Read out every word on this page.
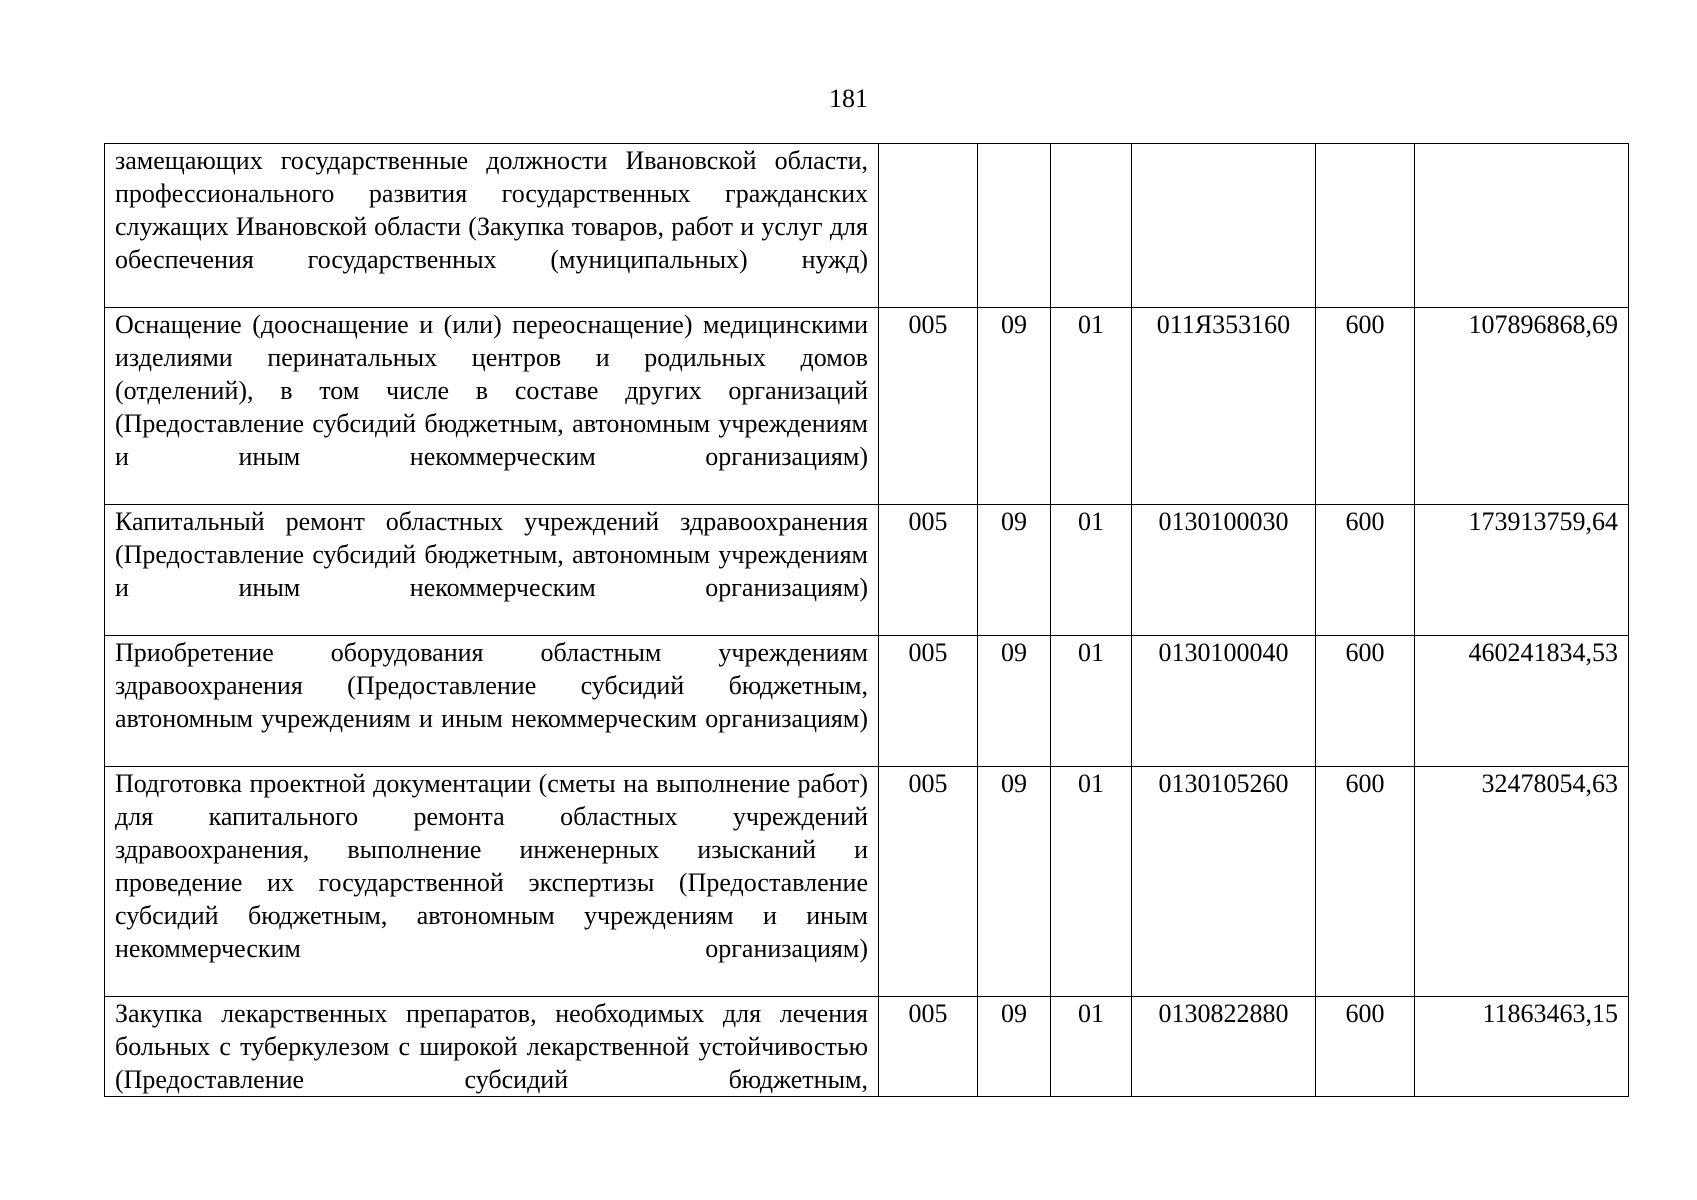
181
замещающих государственные должности Ивановской области, профессионального развития государственных гражданских служащих Ивановской области (Закупка товаров, работ и услуг для обеспечения государственных (муниципальных) нужд)						
Оснащение (дооснащение и (или) переоснащение) медицинскими изделиями перинатальных центров и родильных домов (отделений), в том числе в составе других организаций (Предоставление субсидий бюджетным, автономным учреждениям и иным некоммерческим организациям)	005	09	01	011Я353160	600	107896868,69
Капитальный ремонт областных учреждений здравоохранения (Предоставление субсидий бюджетным, автономным учреждениям и иным некоммерческим организациям)	005	09	01	0130100030	600	173913759,64
Приобретение оборудования областным учреждениям здравоохранения (Предоставление субсидий бюджетным, автономным учреждениям и иным некоммерческим организациям)	005	09	01	0130100040	600	460241834,53
Подготовка проектной документации (сметы на выполнение работ) для капитального ремонта областных учреждений здравоохранения, выполнение инженерных изысканий и проведение их государственной экспертизы (Предоставление субсидий бюджетным, автономным учреждениям и иным некоммерческим организациям)	005	09	01	0130105260	600	32478054,63
Закупка лекарственных препаратов, необходимых для лечения больных с туберкулезом с широкой лекарственной устойчивостью (Предоставление субсидий бюджетным,	005	09	01	0130822880	600	11863463,15
